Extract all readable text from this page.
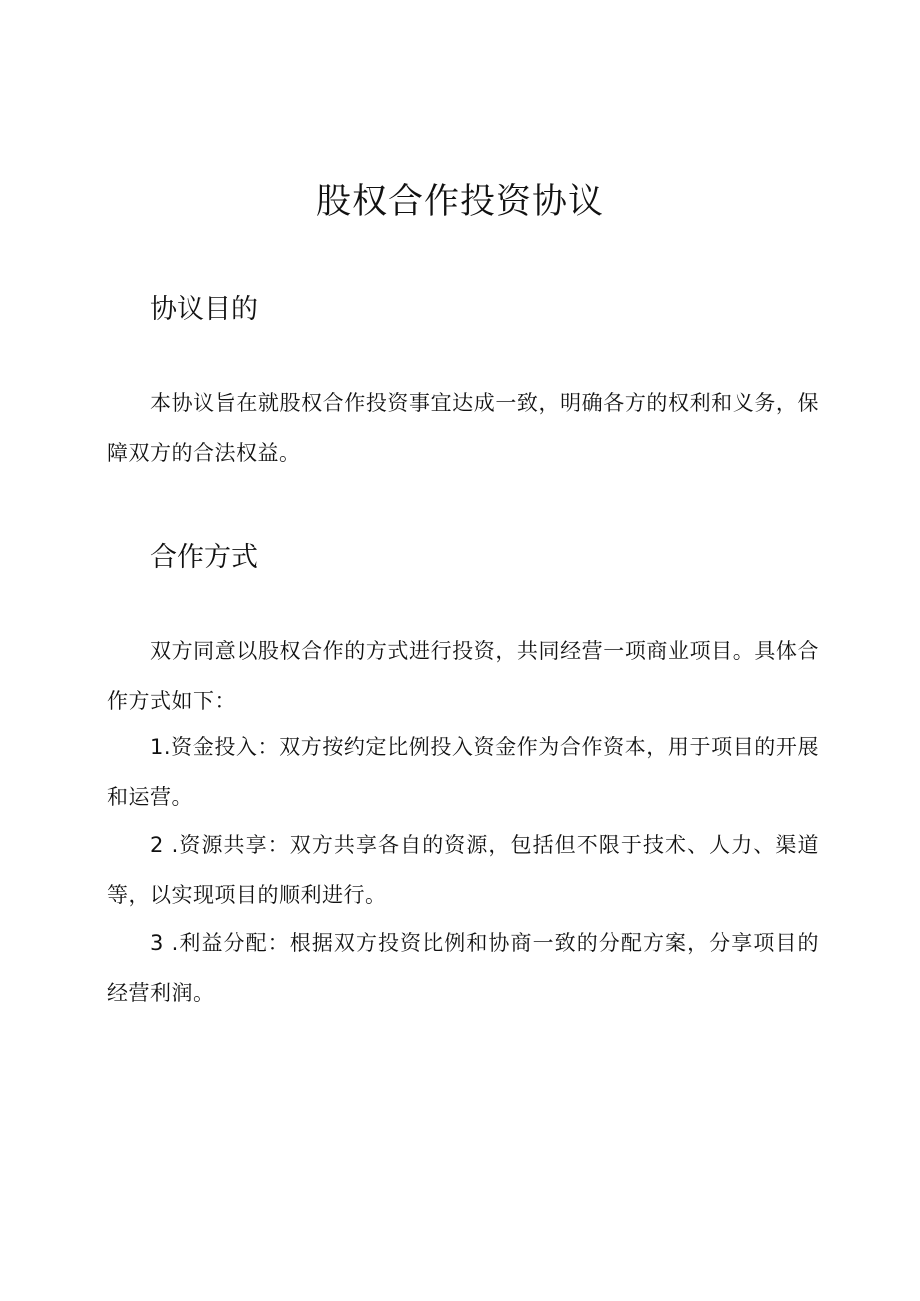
股权合作投资协议
协议目的

本协议旨在就股权合作投资事宜达成一致，明确各方的权利和义务，保障双方的合法权益。

合作方式

双方同意以股权合作的方式进行投资，共同经营一项商业项目。具体合作方式如下：

1.资金投入：双方按约定比例投入资金作为合作资本，用于项目的开展和运营。

2 .资源共享：双方共享各自的资源，包括但不限于技术、人力、渠道等，以实现项目的顺利进行。

3 .利益分配：根据双方投资比例和协商一致的分配方案，分享项目的经营利润。
